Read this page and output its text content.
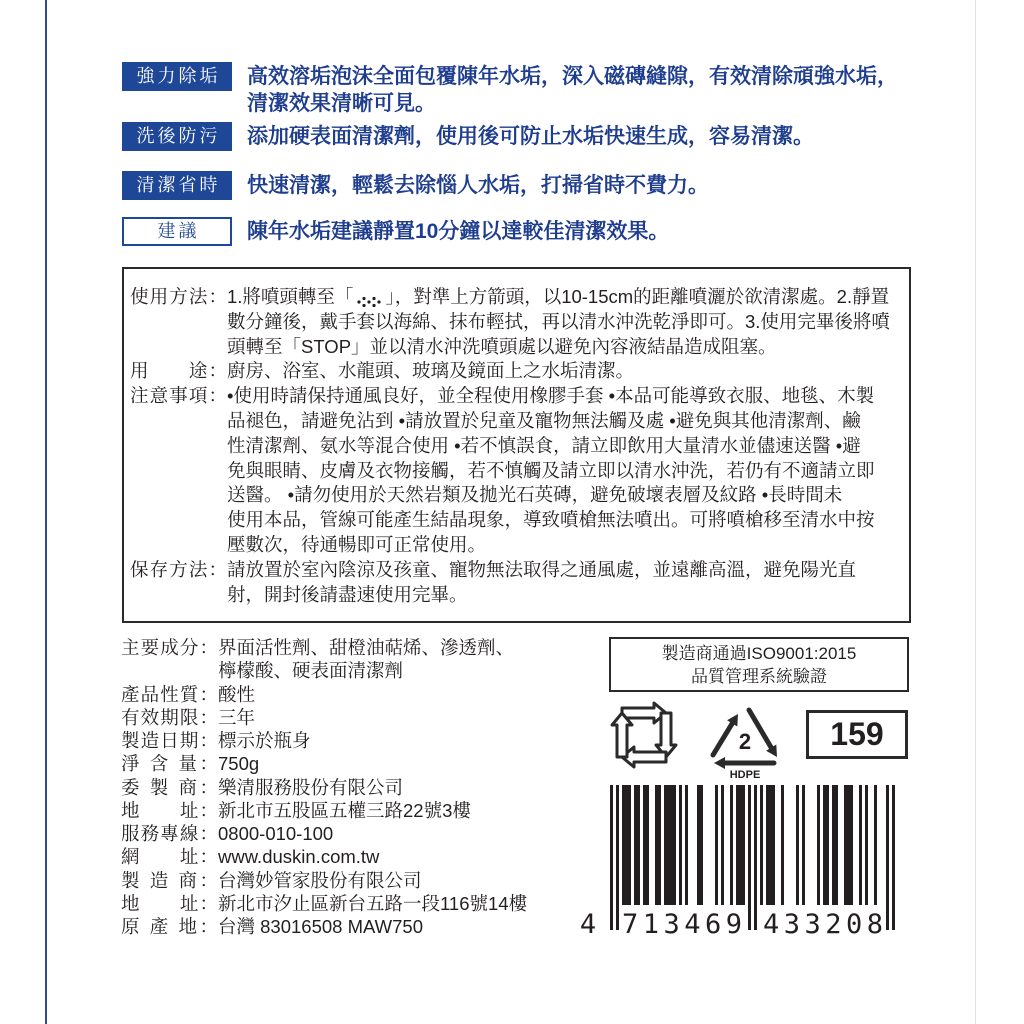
強力除垢	高效溶垢泡沫全面包覆陳年水垢，深入磁磚縫隙，有效清除頑強水垢，
清潔效果清晰可見。
洗後防污	添加硬表面清潔劑，使用後可防止水垢快速生成，容易清潔。
清潔省時	快速清潔，輕鬆去除惱人水垢，打掃省時不費力。
建議	陳年水垢建議靜置10分鐘以達較佳清潔效果。
使用方法： 1.將噴頭轉至「 」，對準上方箭頭，以10-15cm的距離噴灑於欲清潔處。2.靜置
數分鐘後，戴手套以海綿、抹布輕拭，再以清水沖洗乾淨即可。3.使用完畢後將噴
頭轉至「STOP」並以清水沖洗噴頭處以避免內容液結晶造成阻塞。
用　　途： 廚房、浴室、水龍頭、玻璃及鏡面上之水垢清潔。
注意事項： •使用時請保持通風良好，並全程使用橡膠手套 •本品可能導致衣服、地毯、木製
品褪色，請避免沾到 •請放置於兒童及寵物無法觸及處 •避免與其他清潔劑、鹼
性清潔劑、氨水等混合使用 •若不慎誤食，請立即飲用大量清水並儘速送醫 •避
免與眼睛、皮膚及衣物接觸，若不慎觸及請立即以清水沖洗，若仍有不適請立即
送醫。 •請勿使用於天然岩類及拋光石英磚，避免破壞表層及紋路 •長時間未
使用本品，管線可能產生結晶現象，導致噴槍無法噴出。可將噴槍移至清水中按
壓數次，待通暢即可正常使用。
保存方法： 請放置於室內陰涼及孩童、寵物無法取得之通風處，並遠離高溫，避免陽光直
射，開封後請盡速使用完畢。
主要成分： 界面活性劑、甜橙油萜烯、滲透劑、
檸檬酸、硬表面清潔劑
產品性質： 酸性
有效期限： 三年
製造日期： 標示於瓶身
淨 含 量： 750g
委 製 商： 樂清服務股份有限公司
地　　址： 新北市五股區五權三路22號3樓
服務專線： 0800-010-100
網　　址： www.duskin.com.tw
製 造 商： 台灣妙管家股份有限公司
地　　址： 新北市汐止區新台五路一段116號14樓
原 產 地： 台灣 83016508 MAW750
製造商通過ISO9001:2015
品質管理系統驗證
2
HDPE
159
4 713469 433208
